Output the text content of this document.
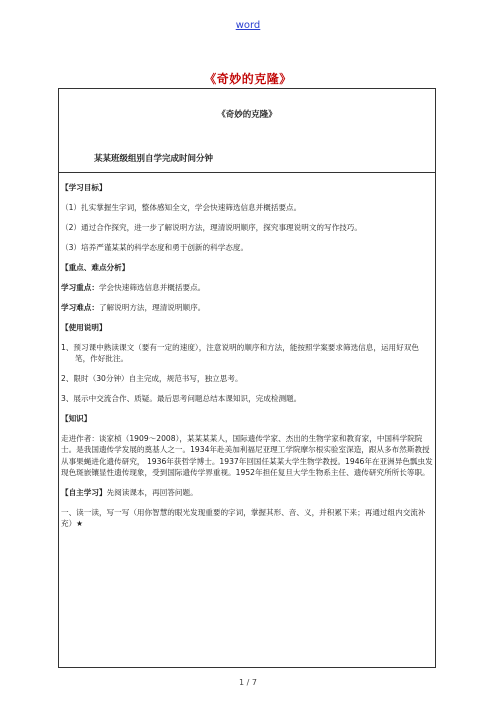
word
《奇妙的克隆》
《奇妙的克隆》
某某班级组别自学完成时间分钟

【学习目标】

（1）扎实掌握生字词，整体感知全文，学会快速筛选信息并概括要点。

（2）通过合作探究，进一步了解说明方法，理清说明顺序，探究事理说明文的写作技巧。

（3）培养严谨某某的科学态度和勇于创新的科学态度。

【重点、难点分析】

学习重点：学会快速筛选信息并概括要点。

学习难点：了解说明方法，理清说明顺序。

【使用说明】

1、预习课中熟读课文（要有一定的速度），注意说明的顺序和方法，能按照学案要求筛选信息，运用好双色笔，作好批注。

2、限时（30分钟）自主完成，规范书写，独立思考。

3、展示中交流合作、质疑。最后思考问题总结本课知识，完成检测题。

【知识】

走进作者：谈家桢（1909～2008），某某某某人，国际遗传学家、杰出的生物学家和教育家，中国科学院院士。是我国遗传学发展的奠基人之一。1934年赴美加利福尼亚理工学院摩尔根实验室深造，跟从多布然斯教授从事果蝇进化遗传研究， 1936年获哲学博士。1937年回国任某某大学生物学教授。1946年在亚洲异色瓢虫发现色斑嵌镶显性遗传现象，受到国际遗传学界重视。1952年担任复旦大学生物系主任、遗传研究所所长等职。

【自主学习】先阅读课本，再回答问题。

一、读一读，写一写（用你智慧的眼光发现重要的字词，掌握其形、音、义，并积累下来；再通过组内交流补充）★

1 / 7
